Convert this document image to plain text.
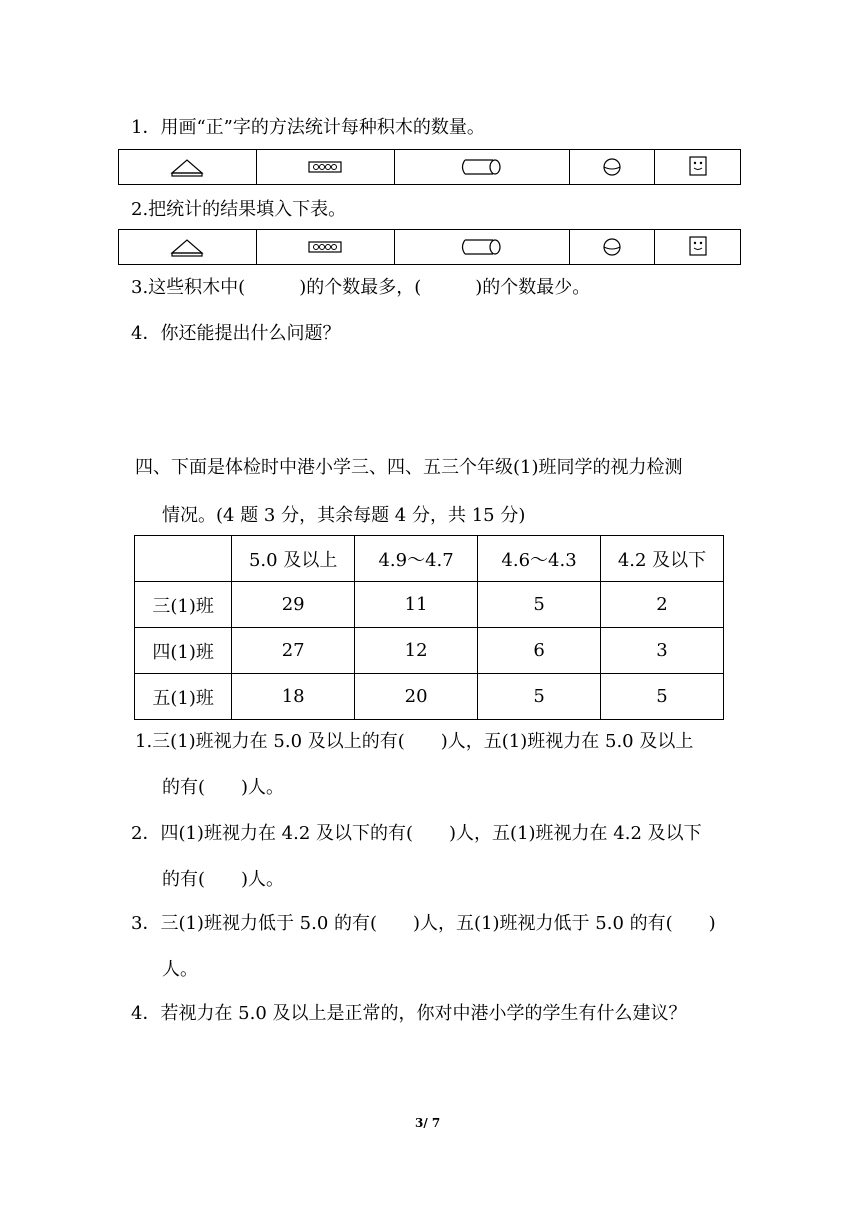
1．用画“正”字的方法统计每种积木的数量。

2.把统计的结果填入下表。

3.这些积木中(　　　)的个数最多，(　　　)的个数最少。
4．你还能提出什么问题？
四、下面是体检时中港小学三、四、五三个年级(1)班同学的视力检测
情况。(4 题 3 分，其余每题 4 分，共 15 分)
	5.0 及以上	4.9～4.7	4.6～4.3	4.2 及以下
三(1)班	29	11	5	2
四(1)班	27	12	6	3
五(1)班	18	20	5	5
1.三(1)班视力在 5.0 及以上的有(　　)人，五(1)班视力在 5.0 及以上
的有(　　)人。
2．四(1)班视力在 4.2 及以下的有(　　)人，五(1)班视力在 4.2 及以下
的有(　　)人。
3．三(1)班视力低于 5.0 的有(　　)人，五(1)班视力低于 5.0 的有(　　)
人。
4．若视力在 5.0 及以上是正常的，你对中港小学的学生有什么建议？
3/ 7
